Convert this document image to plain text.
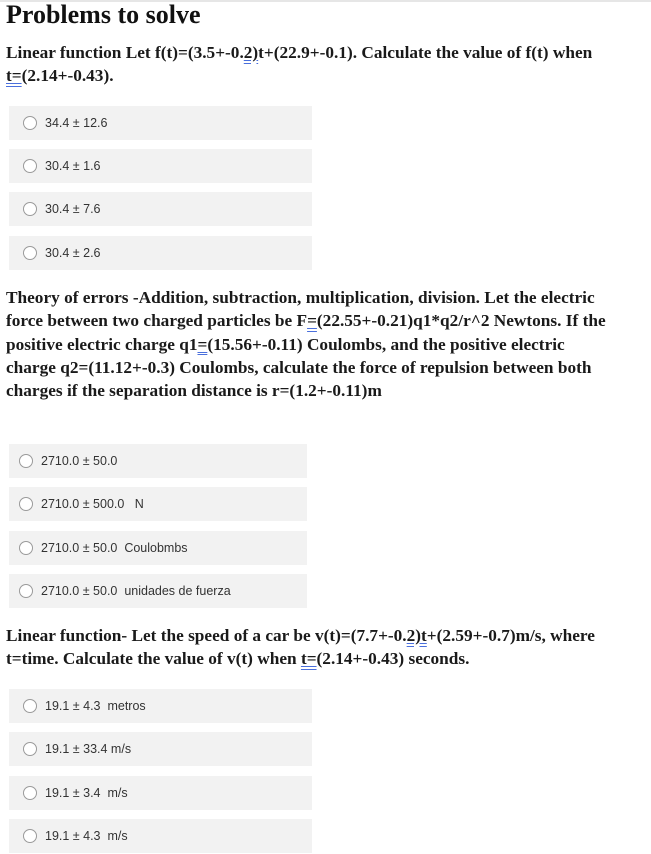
Problems to solve

Linear function Let f(t)=(3.5+-0.2)t+(22.9+-0.1). Calculate the value of f(t) when t=(2.14+-0.43).

34.4 ± 12.6
30.4 ± 1.6
30.4 ± 7.6
30.4 ± 2.6

Theory of errors -Addition, subtraction, multiplication, division. Let the electric force between two charged particles be F=(22.55+-0.21)q1*q2/r^2 Newtons. If the positive electric charge q1=(15.56+-0.11) Coulombs, and the positive electric charge q2=(11.12+-0.3) Coulombs, calculate the force of repulsion between both charges if the separation distance is r=(1.2+-0.11)m

2710.0 ± 50.0
2710.0 ± 500.0   N
2710.0 ± 50.0  Coulobmbs
2710.0 ± 50.0  unidades de fuerza

Linear function- Let the speed of a car be v(t)=(7.7+-0.2)t+(2.59+-0.7)m/s, where t=time. Calculate the value of v(t) when t=(2.14+-0.43) seconds.

19.1 ± 4.3  metros
19.1 ± 33.4 m/s
19.1 ± 3.4  m/s
19.1 ± 4.3  m/s
